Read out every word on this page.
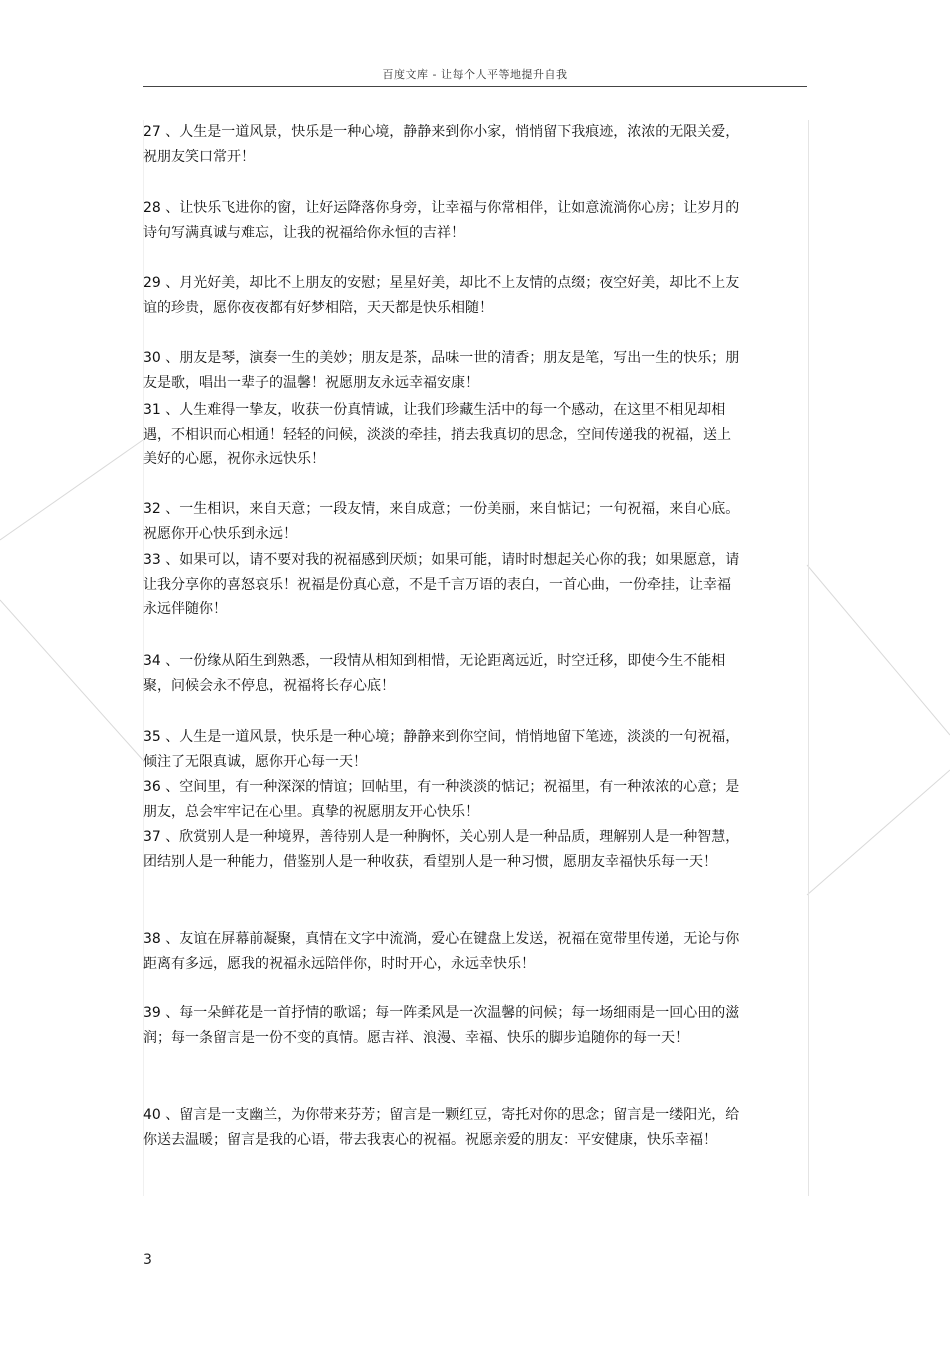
百度文库 - 让每个人平等地提升自我

27 、人生是一道风景，快乐是一种心境，静静来到你小家，悄悄留下我痕迹，浓浓的无限关爱，祝朋友笑口常开！

28 、让快乐飞进你的窗，让好运降落你身旁，让幸福与你常相伴，让如意流淌你心房；让岁月的诗句写满真诚与难忘，让我的祝福给你永恒的吉祥！

29 、月光好美，却比不上朋友的安慰；星星好美，却比不上友情的点缀；夜空好美，却比不上友谊的珍贵，愿你夜夜都有好梦相陪，天天都是快乐相随！

30 、朋友是琴，演奏一生的美妙；朋友是茶，品味一世的清香；朋友是笔，写出一生的快乐；朋友是歌，唱出一辈子的温馨！祝愿朋友永远幸福安康！

31 、人生难得一挚友，收获一份真情诚，让我们珍藏生活中的每一个感动，在这里不相见却相遇，不相识而心相通！轻轻的问候，淡淡的牵挂，捎去我真切的思念，空间传递我的祝福，送上美好的心愿，祝你永远快乐！

32 、一生相识，来自天意；一段友情，来自成意；一份美丽，来自惦记；一句祝福，来自心底。祝愿你开心快乐到永远！

33 、如果可以，请不要对我的祝福感到厌烦；如果可能，请时时想起关心你的我；如果愿意，请让我分享你的喜怒哀乐！祝福是份真心意，不是千言万语的表白，一首心曲，一份牵挂，让幸福永远伴随你！

34 、一份缘从陌生到熟悉，一段情从相知到相惜，无论距离远近，时空迁移，即使今生不能相聚，问候会永不停息，祝福将长存心底！

35 、人生是一道风景，快乐是一种心境；静静来到你空间，悄悄地留下笔迹，淡淡的一句祝福，倾注了无限真诚，愿你开心每一天！

36 、空间里，有一种深深的情谊；回帖里，有一种淡淡的惦记；祝福里，有一种浓浓的心意；是朋友，总会牢牢记在心里。真挚的祝愿朋友开心快乐！

37 、欣赏别人是一种境界，善待别人是一种胸怀，关心别人是一种品质，理解别人是一种智慧，团结别人是一种能力，借鉴别人是一种收获，看望别人是一种习惯，愿朋友幸福快乐每一天！

38 、友谊在屏幕前凝聚，真情在文字中流淌，爱心在键盘上发送，祝福在宽带里传递，无论与你距离有多远，愿我的祝福永远陪伴你，时时开心，永远幸快乐！

39 、每一朵鲜花是一首抒情的歌谣；每一阵柔风是一次温馨的问候；每一场细雨是一回心田的滋润；每一条留言是一份不变的真情。愿吉祥、浪漫、幸福、快乐的脚步追随你的每一天！

40 、留言是一支幽兰，为你带来芬芳；留言是一颗红豆，寄托对你的思念；留言是一缕阳光，给你送去温暖；留言是我的心语，带去我衷心的祝福。祝愿亲爱的朋友：平安健康，快乐幸福！

3
